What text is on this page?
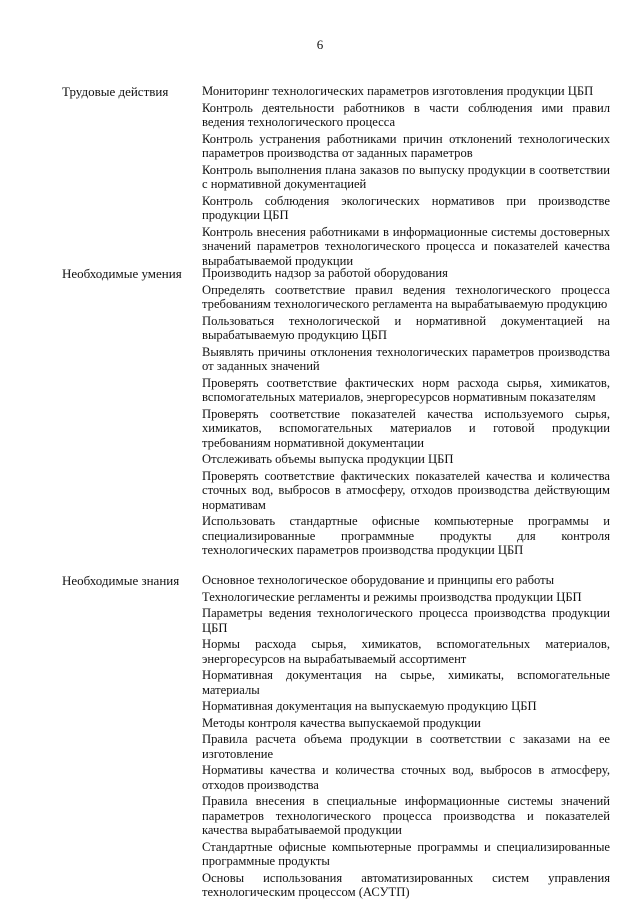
6
Трудовые действия	Мониторинг технологических параметров изготовления продукции ЦБП

Контроль деятельности работников в части соблюдения ими правил ведения технологического процесса

Контроль устранения работниками причин отклонений технологических параметров производства от заданных параметров

Контроль выполнения плана заказов по выпуску продукции в соответствии с нормативной документацией

Контроль соблюдения экологических нормативов при производстве продукции ЦБП

Контроль внесения работниками в информационные системы достоверных значений параметров технологического процесса и показателей качества вырабатываемой продукции

Необходимые умения Производить надзор за работой оборудования

Определять соответствие правил ведения технологического процесса требованиям технологического регламента на вырабатываемую продукцию

Пользоваться технологической и нормативной документацией на вырабатываемую продукцию ЦБП

Выявлять причины отклонения технологических параметров производства от заданных значений

Проверять соответствие фактических норм расхода сырья, химикатов, вспомогательных материалов, энергоресурсов нормативным показателям

Проверять соответствие показателей качества используемого сырья, химикатов, вспомогательных материалов и готовой продукции требованиям нормативной документации

Отслеживать объемы выпуска продукции ЦБП

Проверять соответствие фактических показателей качества и количества сточных вод, выбросов в атмосферу, отходов производства действующим нормативам

Использовать стандартные офисные компьютерные программы и специализированные программные продукты для контроля технологических параметров производства продукции ЦБП

Необходимые знания Основное технологическое оборудование и принципы его работы

Технологические регламенты и режимы производства продукции ЦБП

Параметры ведения технологического процесса производства продукции ЦБП

Нормы расхода сырья, химикатов, вспомогательных материалов, энергоресурсов на вырабатываемый ассортимент

Нормативная документация на сырье, химикаты, вспомогательные материалы

Нормативная документация на выпускаемую продукцию ЦБП

Методы контроля качества выпускаемой продукции

Правила расчета объема продукции в соответствии с заказами на ее изготовление

Нормативы качества и количества сточных вод, выбросов в атмосферу, отходов производства

Правила внесения в специальные информационные системы значений параметров технологического процесса производства и показателей качества вырабатываемой продукции

Стандартные офисные компьютерные программы и специализированные программные продукты

Основы использования автоматизированных систем управления технологическим процессом (АСУТП)
